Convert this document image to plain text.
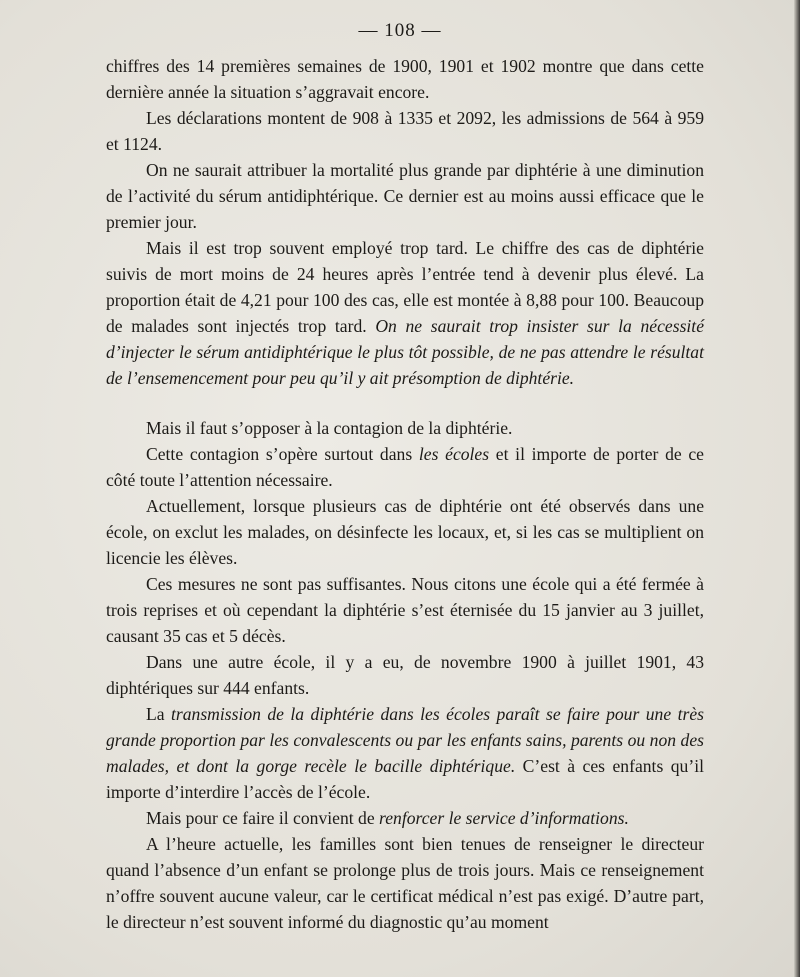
— 108 —

chiffres des 14 premières semaines de 1900, 1901 et 1902 montre que dans cette dernière année la situation s’aggravait encore.

Les déclarations montent de 908 à 1335 et 2092, les admissions de 564 à 959 et 1124.

On ne saurait attribuer la mortalité plus grande par diphtérie à une diminution de l’activité du sérum antidiphtérique. Ce dernier est au moins aussi efficace que le premier jour.

Mais il est trop souvent employé trop tard. Le chiffre des cas de diphtérie suivis de mort moins de 24 heures après l’entrée tend à devenir plus élevé. La proportion était de 4,21 pour 100 des cas, elle est montée à 8,88 pour 100. Beaucoup de malades sont injectés trop tard. On ne saurait trop insister sur la nécessité d’injecter le sérum antidiphtérique le plus tôt possible, de ne pas attendre le résultat de l’ensemencement pour peu qu’il y ait présomption de diphtérie.

Mais il faut s’opposer à la contagion de la diphtérie.

Cette contagion s’opère surtout dans les écoles et il importe de porter de ce côté toute l’attention nécessaire.

Actuellement, lorsque plusieurs cas de diphtérie ont été observés dans une école, on exclut les malades, on désinfecte les locaux, et, si les cas se multiplient on licencie les élèves.

Ces mesures ne sont pas suffisantes. Nous citons une école qui a été fermée à trois reprises et où cependant la diphtérie s’est éternisée du 15 janvier au 3 juillet, causant 35 cas et 5 décès.

Dans une autre école, il y a eu, de novembre 1900 à juillet 1901, 43 diphtériques sur 444 enfants.

La transmission de la diphtérie dans les écoles paraît se faire pour une très grande proportion par les convalescents ou par les enfants sains, parents ou non des malades, et dont la gorge recèle le bacille diphtérique. C’est à ces enfants qu’il importe d’interdire l’accès de l’école.

Mais pour ce faire il convient de renforcer le service d’informations.

A l’heure actuelle, les familles sont bien tenues de renseigner le directeur quand l’absence d’un enfant se prolonge plus de trois jours. Mais ce renseignement n’offre souvent aucune valeur, car le certificat médical n’est pas exigé. D’autre part, le directeur n’est souvent informé du diagnostic qu’au moment
